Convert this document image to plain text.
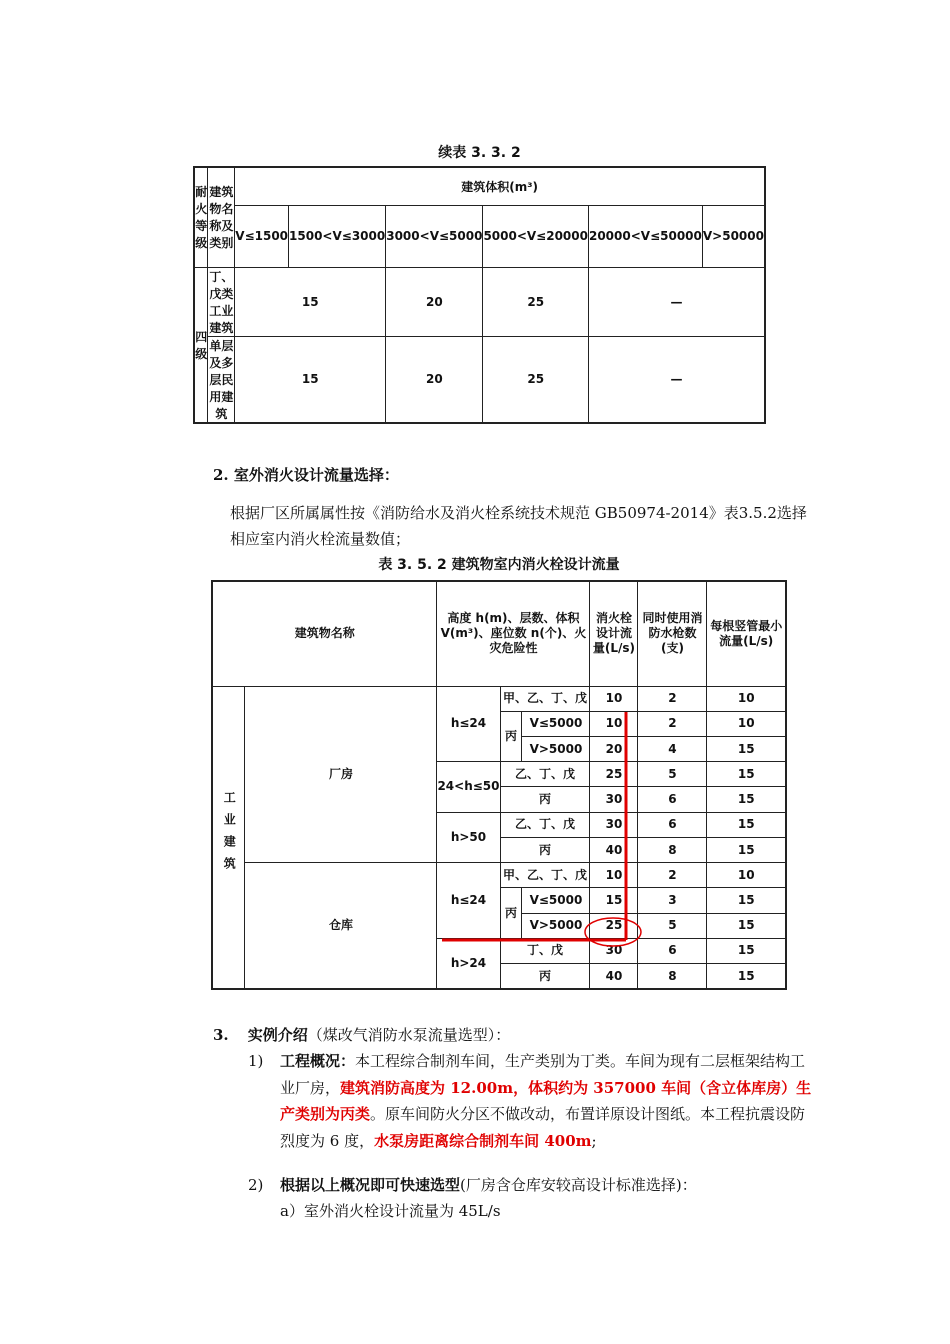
续表 3. 3. 2
耐火等级	建筑物名称及类别	建筑体积(m³)					
		V≤1500	1500<V≤3000	3000<V≤5000	5000<V≤20000	20000<V≤50000	V>50000
四级	丁、戊类工业建筑	15		20	25	—	
	单层及多层民用建筑	15		20	25	—	
2. 室外消火设计流量选择：
根据厂区所属属性按《消防给水及消火栓系统技术规范 GB50974-2014》表3.5.2选择相应室内消火栓流量数值；
表 3. 5. 2 建筑物室内消火栓设计流量
建筑物名称		高度 h(m)、层数、体积 V(m³)、座位数 n(个)、火灾危险性			消火栓设计流量(L/s)	同时使用消防水枪数(支)	每根竖管最小流量(L/s)
工业建筑	厂房	h≤24	甲、乙、丁、戊		10	2	10
			丙	V≤5000	10	2	10
				V>5000	20	4	15
		24<h≤50	乙、丁、戊		25	5	15
			丙		30	6	15
		h>50	乙、丁、戊		30	6	15
			丙		40	8	15
	仓库	h≤24	甲、乙、丁、戊		10	2	10
			丙	V≤5000	15	3	15
				V>5000	25	5	15
		h>24	丁、戊		30	6	15
			丙		40	8	15
3. 实例介绍（煤改气消防水泵流量选型）：
1) 工程概况：本工程综合制剂车间，生产类别为丁类。车间为现有二层框架结构工业厂房，建筑消防高度为 12.00m，体积约为 357000 车间（含立体库房）生产类别为丙类。原车间防火分区不做改动，布置详原设计图纸。本工程抗震设防烈度为 6 度，水泵房距离综合制剂车间 400m;
2) 根据以上概况即可快速选型(厂房含仓库安较高设计标准选择)：
a）室外消火栓设计流量为 45L/s
